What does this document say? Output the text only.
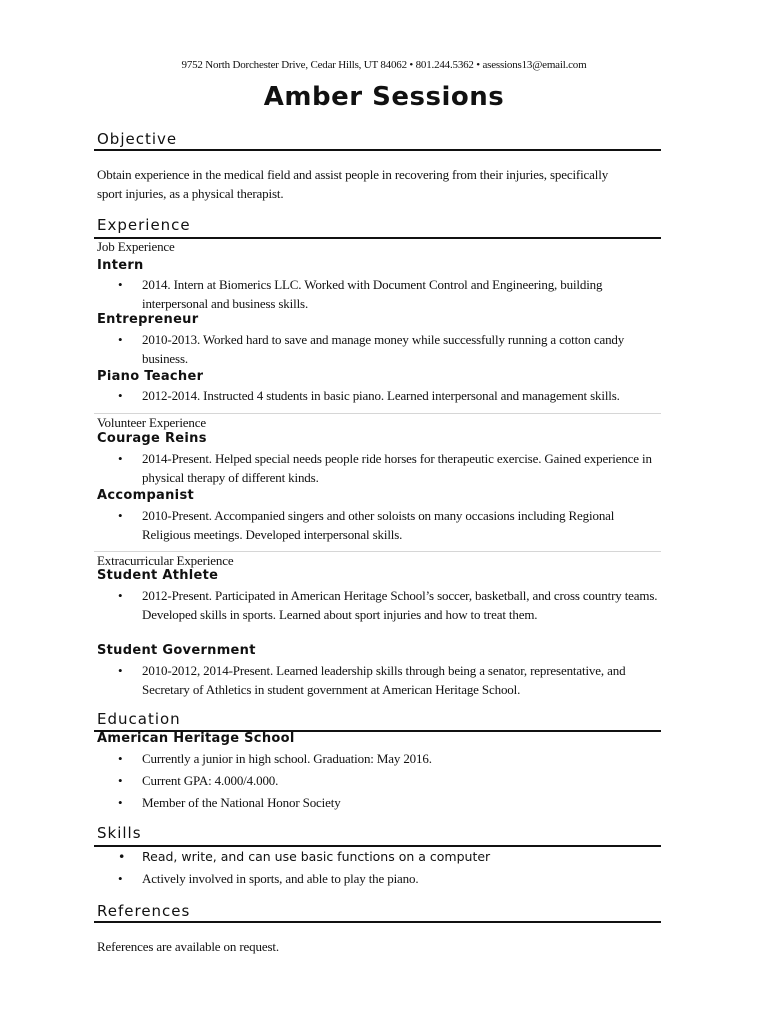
9752 North Dorchester Drive, Cedar Hills, UT 84062 • 801.244.5362 • asessions13@email.com
Amber Sessions
Objective
Obtain experience in the medical field and assist people in recovering from their injuries, specifically sport injuries, as a physical therapist.
Experience
Job Experience
Intern
• 2014. Intern at Biomerics LLC. Worked with Document Control and Engineering, building interpersonal and business skills.
Entrepreneur
• 2010-2013. Worked hard to save and manage money while successfully running a cotton candy business.
Piano Teacher
• 2012-2014. Instructed 4 students in basic piano. Learned interpersonal and management skills.
Volunteer Experience
Courage Reins
• 2014-Present. Helped special needs people ride horses for therapeutic exercise. Gained experience in physical therapy of different kinds.
Accompanist
• 2010-Present. Accompanied singers and other soloists on many occasions including Regional Religious meetings. Developed interpersonal skills.
Extracurricular Experience
Student Athlete
• 2012-Present. Participated in American Heritage School’s soccer, basketball, and cross country teams. Developed skills in sports. Learned about sport injuries and how to treat them.
Student Government
• 2010-2012, 2014-Present. Learned leadership skills through being a senator, representative, and Secretary of Athletics in student government at American Heritage School.
Education
American Heritage School
• Currently a junior in high school. Graduation: May 2016.
• Current GPA: 4.000/4.000.
• Member of the National Honor Society
Skills
• Read, write, and can use basic functions on a computer
• Actively involved in sports, and able to play the piano.
References
References are available on request.
